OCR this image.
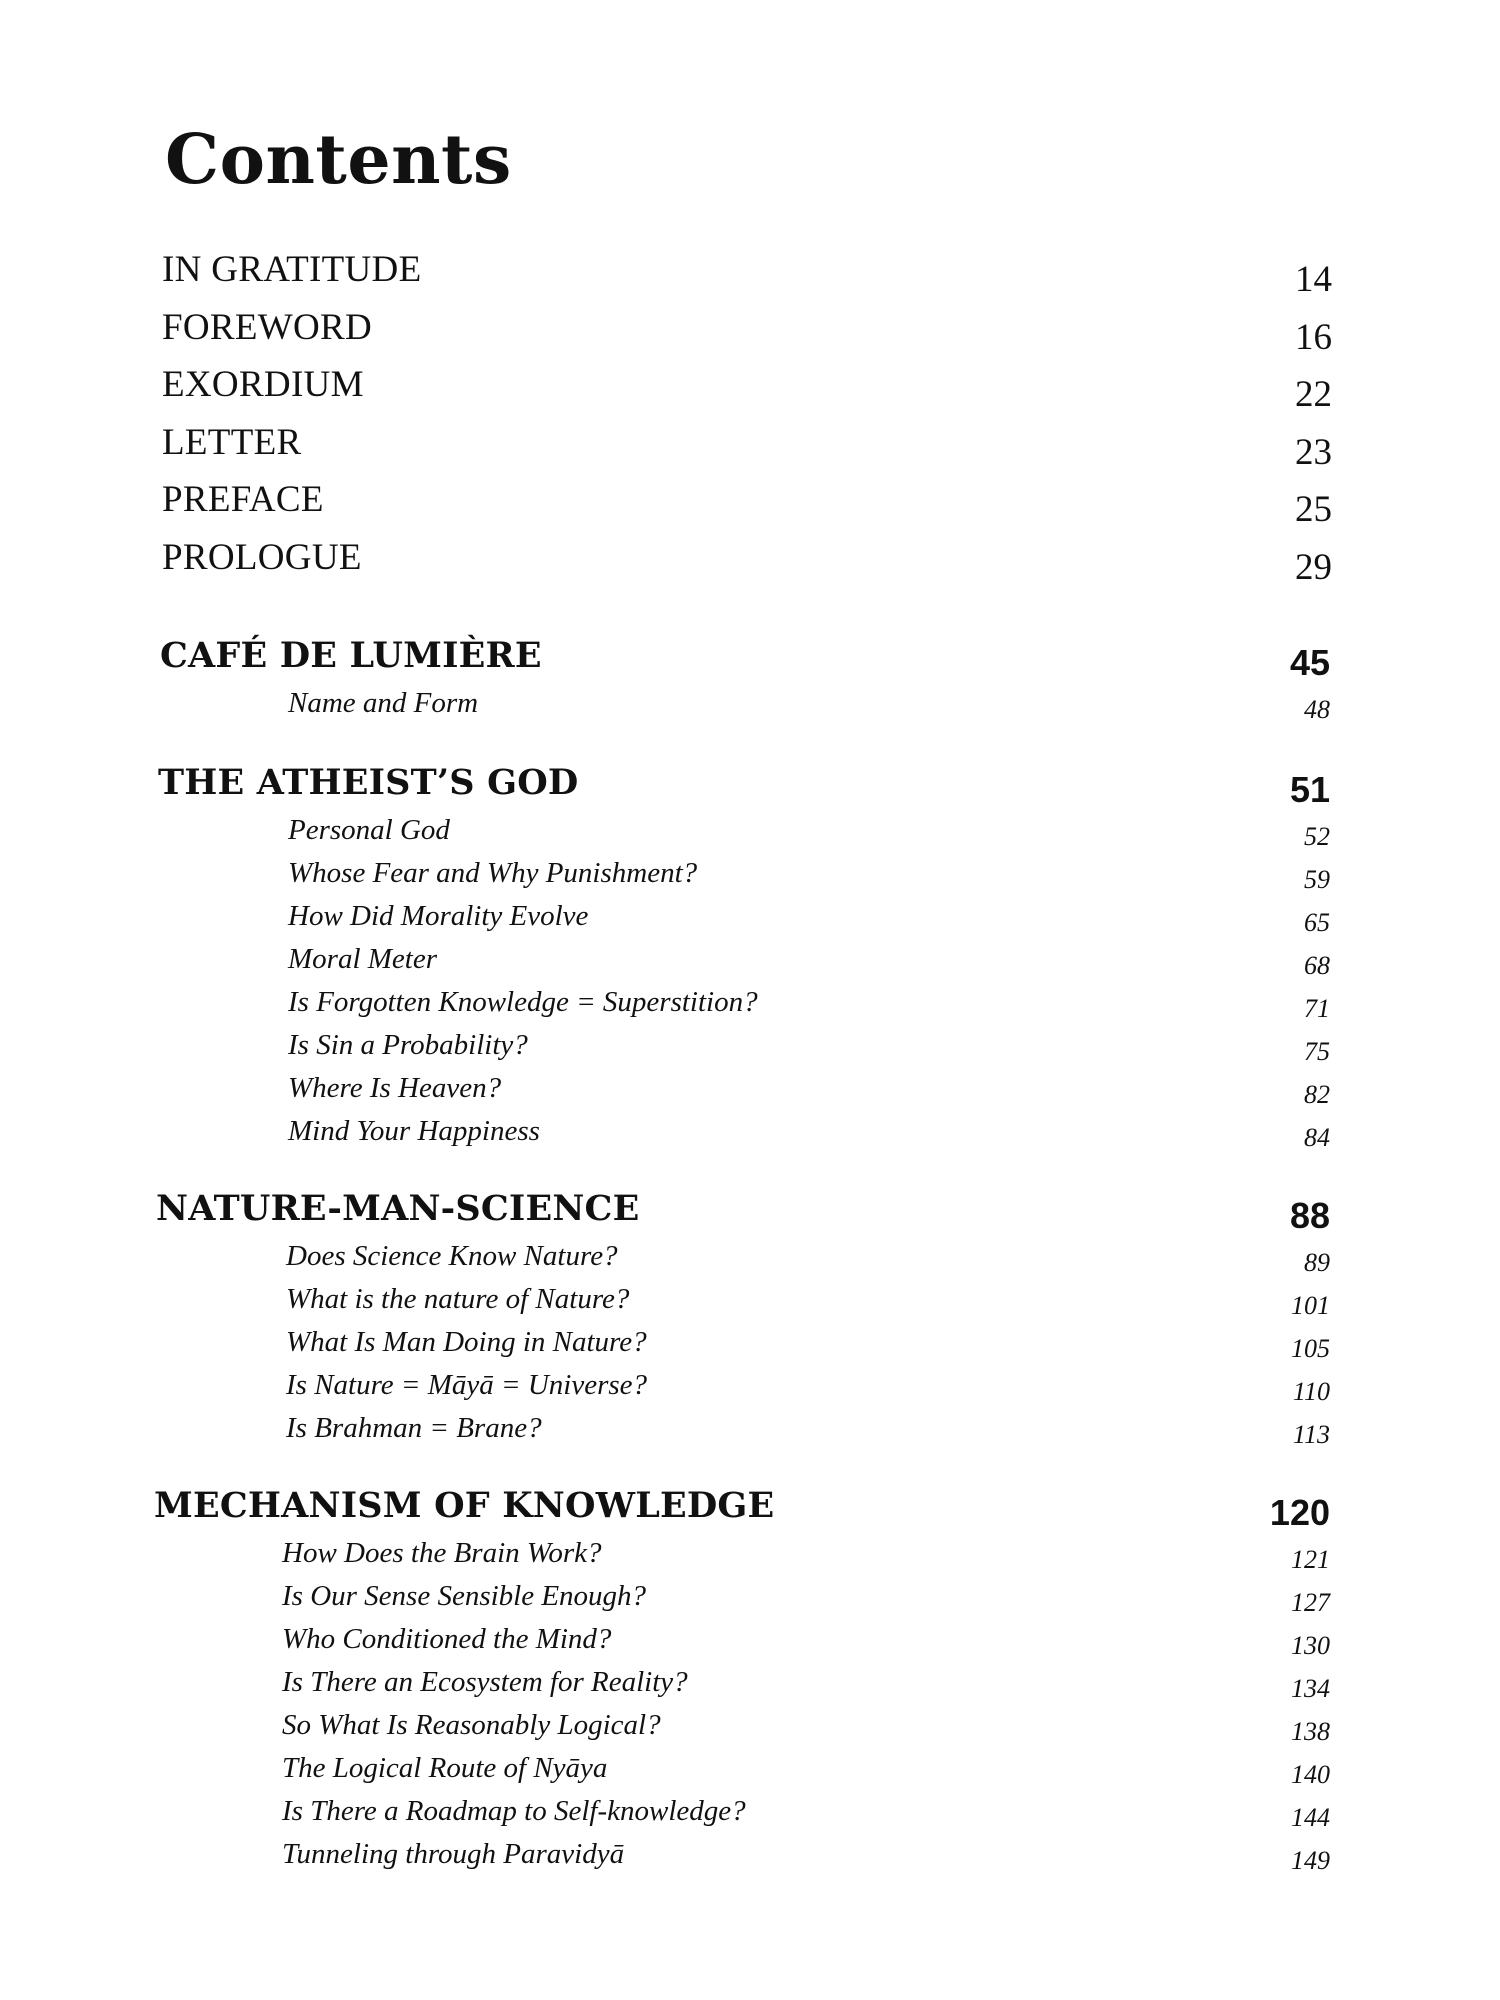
Contents
IN GRATITUDE	14
FOREWORD	16
EXORDIUM	22
LETTER	23
PREFACE	25
PROLOGUE	29
CAFÉ DE LUMIÈRE	45
Name and Form	48
THE ATHEIST’S GOD	51
Personal God	52
Whose Fear and Why Punishment?	59
How Did Morality Evolve	65
Moral Meter	68
Is Forgotten Knowledge = Superstition?	71
Is Sin a Probability?	75
Where Is Heaven?	82
Mind Your Happiness	84
NATURE-MAN-SCIENCE	88
Does Science Know Nature?	89
What is the nature of Nature?	101
What Is Man Doing in Nature?	105
Is Nature = Māyā = Universe?	110
Is Brahman = Brane?	113
MECHANISM OF KNOWLEDGE	120
How Does the Brain Work?	121
Is Our Sense Sensible Enough?	127
Who Conditioned the Mind?	130
Is There an Ecosystem for Reality?	134
So What Is Reasonably Logical?	138
The Logical Route of Nyāya	140
Is There a Roadmap to Self-knowledge?	144
Tunneling through Paravidyā	149
